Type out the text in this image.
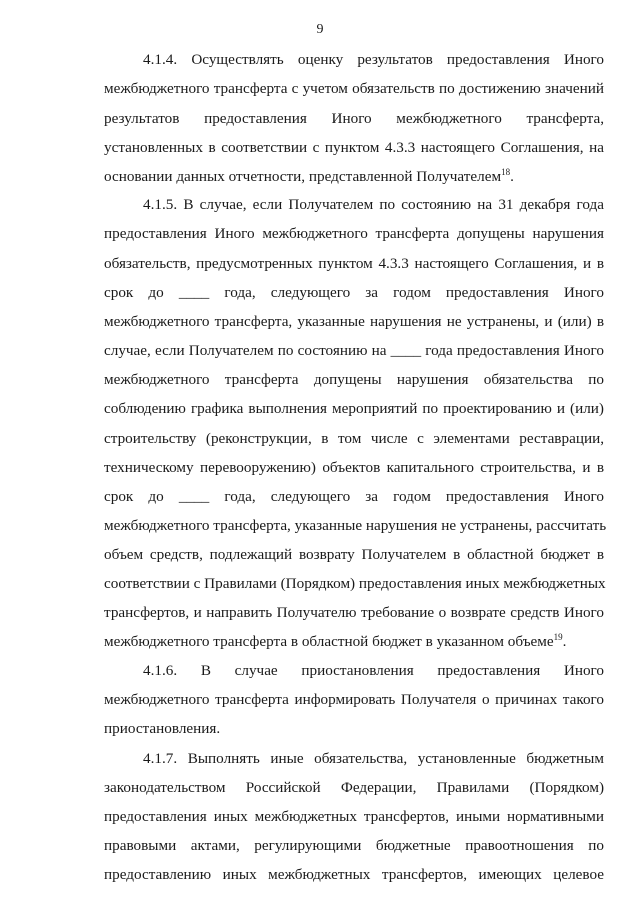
9
4.1.4. Осуществлять оценку результатов предоставления Иного
межбюджетного трансферта с учетом обязательств по достижению значений
результатов предоставления Иного межбюджетного трансферта,
установленных в соответствии с пунктом 4.3.3 настоящего Соглашения, на
основании данных отчетности, представленной Получателем$^{18}$.
4.1.5. В случае, если Получателем по состоянию на 31 декабря года
предоставления Иного межбюджетного трансферта допущены нарушения
обязательств, предусмотренных пунктом 4.3.3 настоящего Соглашения, и в
срок до ____ года, следующего за годом предоставления Иного
межбюджетного трансферта, указанные нарушения не устранены, и (или) в
случае, если Получателем по состоянию на ____ года предоставления Иного
межбюджетного трансферта допущены нарушения обязательства по
соблюдению графика выполнения мероприятий по проектированию и (или)
строительству (реконструкции, в том числе с элементами реставрации,
техническому перевооружению) объектов капитального строительства, и в
срок до ____ года, следующего за годом предоставления Иного
межбюджетного трансферта, указанные нарушения не устранены, рассчитать
объем средств, подлежащий возврату Получателем в областной бюджет в
соответствии с Правилами (Порядком) предоставления иных межбюджетных
трансфертов, и направить Получателю требование о возврате средств Иного
межбюджетного трансферта в областной бюджет в указанном объеме$^{19}$.
4.1.6. В случае приостановления предоставления Иного
межбюджетного трансферта информировать Получателя о причинах такого
приостановления.
4.1.7. Выполнять иные обязательства, установленные бюджетным
законодательством Российской Федерации, Правилами (Порядком)
предоставления иных межбюджетных трансфертов, иными нормативными
правовыми актами, регулирующими бюджетные правоотношения по
предоставлению иных межбюджетных трансфертов, имеющих целевое
